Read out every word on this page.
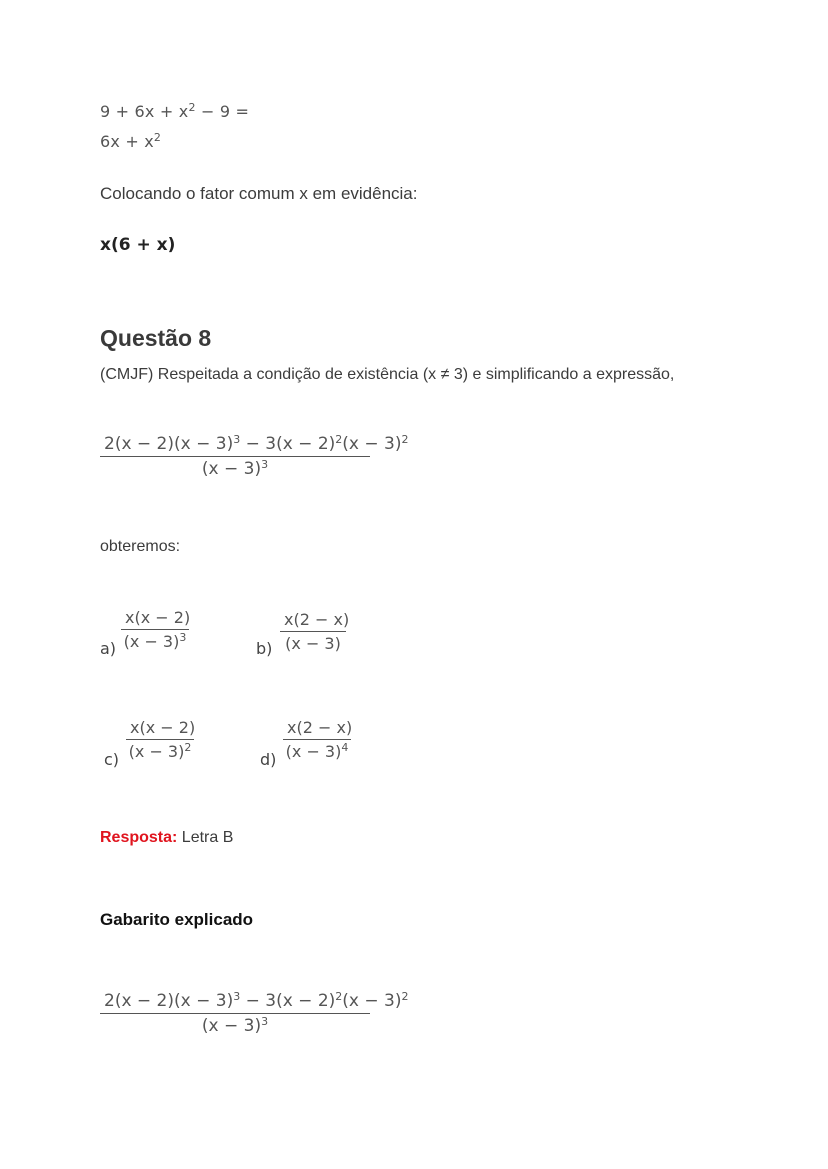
$9 + 6x + x^2 - 9$ =
$6x + x^2$
Colocando o fator comum x em evidência:
x(6 + x)
Questão 8
(CMJF) Respeitada a condição de existência (x ≠ 3) e simplificando a expressão,
$\frac{2(x - 2)(x - 3)^3 - 3(x - 2)^2(x - 3)^2}{(x - 3)^3}$
obteremos:
$a) \frac{x(x - 2)}{(x - 3)^3}$	$b) \frac{x(2 - x)}{(x - 3)}$
$c) \frac{x(x - 2)}{(x - 3)^2}$	$d) \frac{x(2 - x)}{(x - 3)^4}$
Resposta: Letra B
Gabarito explicado
$\frac{2(x - 2)(x - 3)^3 - 3(x - 2)^2(x - 3)^2}{(x - 3)^3}$
